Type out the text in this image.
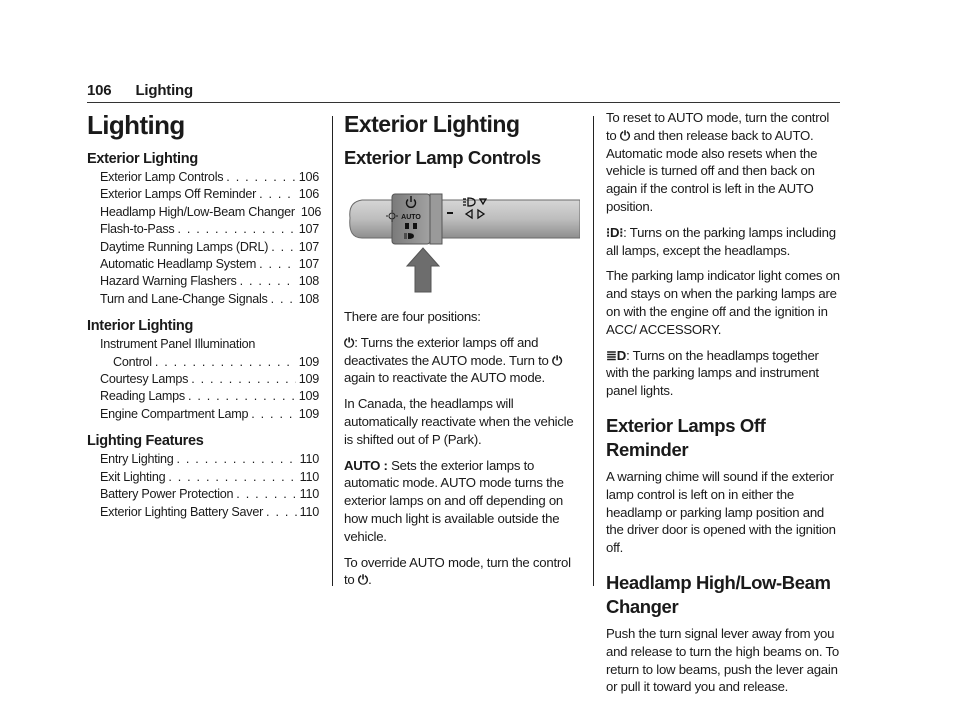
106 Lighting
Lighting
Exterior Lighting
Exterior Lamp Controls . . .	106
Exterior Lamps Off Reminder . . .	106
Headlamp High/Low-Beam Changer 106
Flash-to-Pass . . .	107
Daytime Running Lamps (DRL) . . . 107
Automatic Headlamp System . . .	107
Hazard Warning Flashers . . .	108
Turn and Lane-Change Signals . . . 108
Interior Lighting
Instrument Panel Illumination
Control . . .	109
Courtesy Lamps . . .	109
Reading Lamps . . .	109
Engine Compartment Lamp . . .	109
Lighting Features
Entry Lighting . . .	110
Exit Lighting . . .	110
Battery Power Protection . . .	110
Exterior Lighting Battery Saver . . .	110
Exterior Lighting
Exterior Lamp Controls
AUTO

There are four positions:

⏻: Turns the exterior lamps off and deactivates the AUTO mode. Turn to ⏻ again to reactivate the AUTO mode.

In Canada, the headlamps will automatically reactivate when the vehicle is shifted out of P (Park).

AUTO : Sets the exterior lamps to automatic mode. AUTO mode turns the exterior lamps on and off depending on how much light is available outside the vehicle.

To override AUTO mode, turn the control to ⏻.

To reset to AUTO mode, turn the control to ⏻ and then release back to AUTO. Automatic mode also resets when the vehicle is turned off and then back on again if the control is left in the AUTO position.

⁝D⁝: Turns on the parking lamps including all lamps, except the headlamps.

The parking lamp indicator light comes on and stays on when the parking lamps are on with the engine off and the ignition in ACC/ ACCESSORY.

≣D: Turns on the headlamps together with the parking lamps and instrument panel lights.

Exterior Lamps Off Reminder

A warning chime will sound if the exterior lamp control is left on in either the headlamp or parking lamp position and the driver door is opened with the ignition off.

Headlamp High/Low-Beam Changer

Push the turn signal lever away from you and release to turn the high beams on. To return to low beams, push the lever again or pull it toward you and release.
